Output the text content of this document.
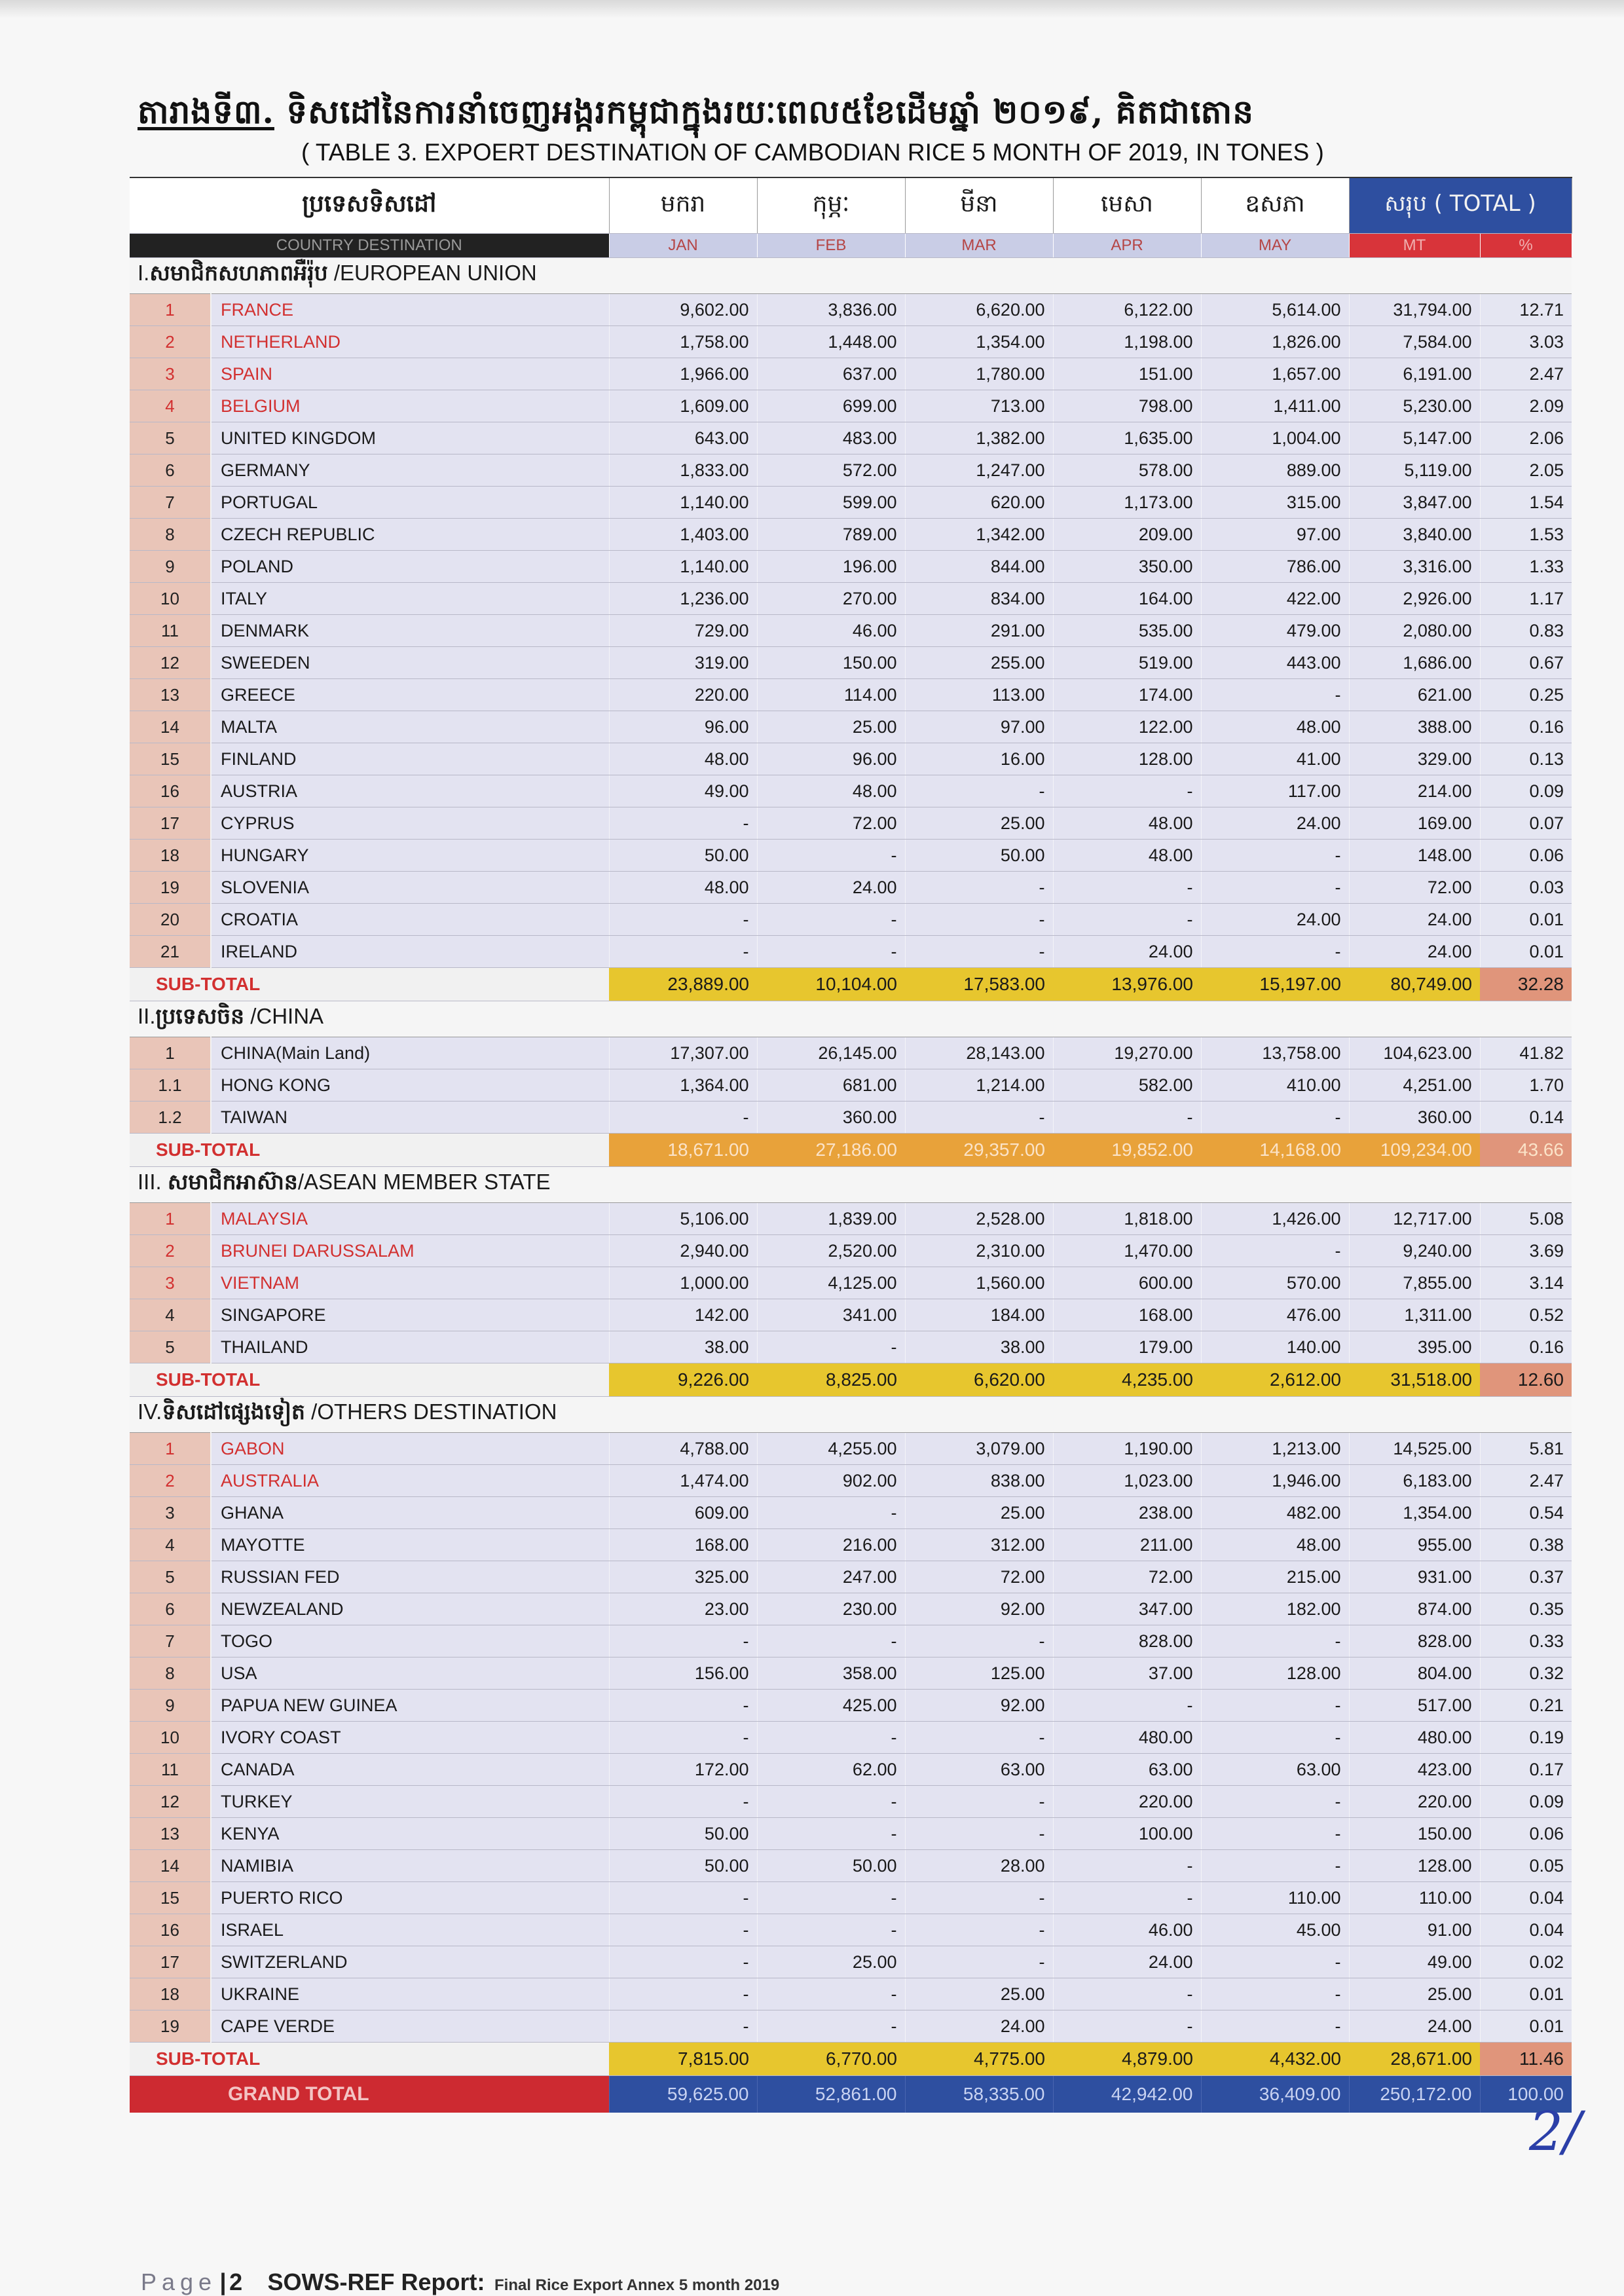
តារាងទី៣. ទិសដៅនៃការនាំចេញអង្ករកម្ពុជាក្នុងរយៈពេល៥ខែដើមឆ្នាំ ២០១៩, គិតជាតោន
( TABLE 3. EXPOERT DESTINATION OF CAMBODIAN RICE 5 MONTH OF 2019, IN TONES )
ប្រទេសទិសដៅ		មករា	កុម្ភៈ	មីនា	មេសា	ឧសភា	សរុប ( TOTAL )	
COUNTRY DESTINATION		JAN	FEB	MAR	APR	MAY	MT	%
I.សមាជិកសហភាពអឺរ៉ុប /EUROPEAN UNION								
1	FRANCE	9,602.00	3,836.00	6,620.00	6,122.00	5,614.00	31,794.00	12.71
2	NETHERLAND	1,758.00	1,448.00	1,354.00	1,198.00	1,826.00	7,584.00	3.03
3	SPAIN	1,966.00	637.00	1,780.00	151.00	1,657.00	6,191.00	2.47
4	BELGIUM	1,609.00	699.00	713.00	798.00	1,411.00	5,230.00	2.09
5	UNITED KINGDOM	643.00	483.00	1,382.00	1,635.00	1,004.00	5,147.00	2.06
6	GERMANY	1,833.00	572.00	1,247.00	578.00	889.00	5,119.00	2.05
7	PORTUGAL	1,140.00	599.00	620.00	1,173.00	315.00	3,847.00	1.54
8	CZECH REPUBLIC	1,403.00	789.00	1,342.00	209.00	97.00	3,840.00	1.53
9	POLAND	1,140.00	196.00	844.00	350.00	786.00	3,316.00	1.33
10	ITALY	1,236.00	270.00	834.00	164.00	422.00	2,926.00	1.17
11	DENMARK	729.00	46.00	291.00	535.00	479.00	2,080.00	0.83
12	SWEEDEN	319.00	150.00	255.00	519.00	443.00	1,686.00	0.67
13	GREECE	220.00	114.00	113.00	174.00	-	621.00	0.25
14	MALTA	96.00	25.00	97.00	122.00	48.00	388.00	0.16
15	FINLAND	48.00	96.00	16.00	128.00	41.00	329.00	0.13
16	AUSTRIA	49.00	48.00	-	-	117.00	214.00	0.09
17	CYPRUS	-	72.00	25.00	48.00	24.00	169.00	0.07
18	HUNGARY	50.00	-	50.00	48.00	-	148.00	0.06
19	SLOVENIA	48.00	24.00	-	-	-	72.00	0.03
20	CROATIA	-	-	-	-	24.00	24.00	0.01
21	IRELAND	-	-	-	24.00	-	24.00	0.01
SUB-TOTAL		23,889.00	10,104.00	17,583.00	13,976.00	15,197.00	80,749.00	32.28
II.ប្រទេសចិន /CHINA								
1	CHINA(Main Land)	17,307.00	26,145.00	28,143.00	19,270.00	13,758.00	104,623.00	41.82
1.1	HONG KONG	1,364.00	681.00	1,214.00	582.00	410.00	4,251.00	1.70
1.2	TAIWAN	-	360.00	-	-	-	360.00	0.14
SUB-TOTAL		18,671.00	27,186.00	29,357.00	19,852.00	14,168.00	109,234.00	43.66
III. សមាជិកអាស៊ាន/ASEAN MEMBER STATE								
1	MALAYSIA	5,106.00	1,839.00	2,528.00	1,818.00	1,426.00	12,717.00	5.08
2	BRUNEI DARUSSALAM	2,940.00	2,520.00	2,310.00	1,470.00	-	9,240.00	3.69
3	VIETNAM	1,000.00	4,125.00	1,560.00	600.00	570.00	7,855.00	3.14
4	SINGAPORE	142.00	341.00	184.00	168.00	476.00	1,311.00	0.52
5	THAILAND	38.00	-	38.00	179.00	140.00	395.00	0.16
SUB-TOTAL		9,226.00	8,825.00	6,620.00	4,235.00	2,612.00	31,518.00	12.60
IV.ទិសដៅផ្សេងទៀត /OTHERS DESTINATION								
1	GABON	4,788.00	4,255.00	3,079.00	1,190.00	1,213.00	14,525.00	5.81
2	AUSTRALIA	1,474.00	902.00	838.00	1,023.00	1,946.00	6,183.00	2.47
3	GHANA	609.00	-	25.00	238.00	482.00	1,354.00	0.54
4	MAYOTTE	168.00	216.00	312.00	211.00	48.00	955.00	0.38
5	RUSSIAN FED	325.00	247.00	72.00	72.00	215.00	931.00	0.37
6	NEWZEALAND	23.00	230.00	92.00	347.00	182.00	874.00	0.35
7	TOGO	-	-	-	828.00	-	828.00	0.33
8	USA	156.00	358.00	125.00	37.00	128.00	804.00	0.32
9	PAPUA NEW GUINEA	-	425.00	92.00	-	-	517.00	0.21
10	IVORY COAST	-	-	-	480.00	-	480.00	0.19
11	CANADA	172.00	62.00	63.00	63.00	63.00	423.00	0.17
12	TURKEY	-	-	-	220.00	-	220.00	0.09
13	KENYA	50.00	-	-	100.00	-	150.00	0.06
14	NAMIBIA	50.00	50.00	28.00	-	-	128.00	0.05
15	PUERTO RICO	-	-	-	-	110.00	110.00	0.04
16	ISRAEL	-	-	-	46.00	45.00	91.00	0.04
17	SWITZERLAND	-	25.00	-	24.00	-	49.00	0.02
18	UKRAINE	-	-	25.00	-	-	25.00	0.01
19	CAPE VERDE	-	-	24.00	-	-	24.00	0.01
SUB-TOTAL		7,815.00	6,770.00	4,775.00	4,879.00	4,432.00	28,671.00	11.46
GRAND TOTAL		59,625.00	52,861.00	58,335.00	42,942.00	36,409.00	250,172.00	100.00
2/
Page | 2 SOWS-REF Report: Final Rice Export Annex 5 month 2019
